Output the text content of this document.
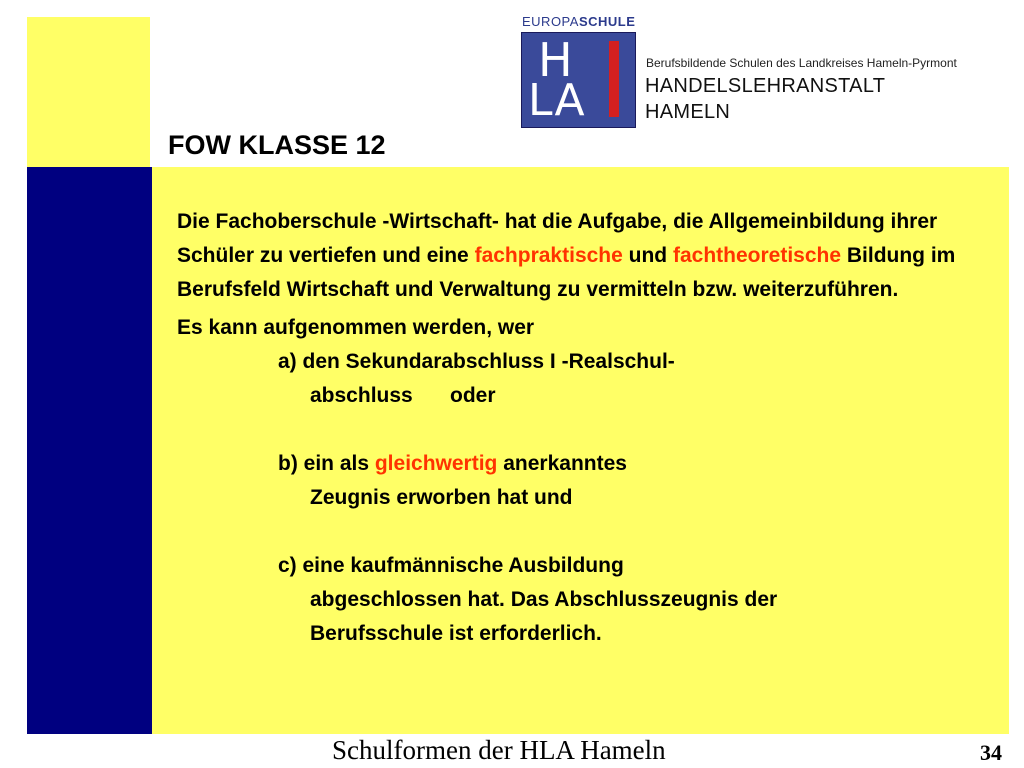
EUROPASCHULE
H
LA
Berufsbildende Schulen des Landkreises Hameln-Pyrmont
HANDELSLEHRANSTALT
HAMELN
FOW KLASSE 12

Die Fachoberschule -Wirtschaft- hat die Aufgabe, die Allgemeinbildung ihrer Schüler zu vertiefen und eine fachpraktische und fachtheoretische Bildung im Berufsfeld Wirtschaft und Verwaltung zu vermitteln bzw. weiterzuführen.

Es kann aufgenommen werden, wer

a) den Sekundarabschluss I -Realschul-
abschluss oder
b) ein als gleichwertig anerkanntes
Zeugnis erworben hat und
c) eine kaufmännische Ausbildung
abgeschlossen hat. Das Abschlusszeugnis der
Berufsschule ist erforderlich.
Schulformen der HLA Hameln	34
